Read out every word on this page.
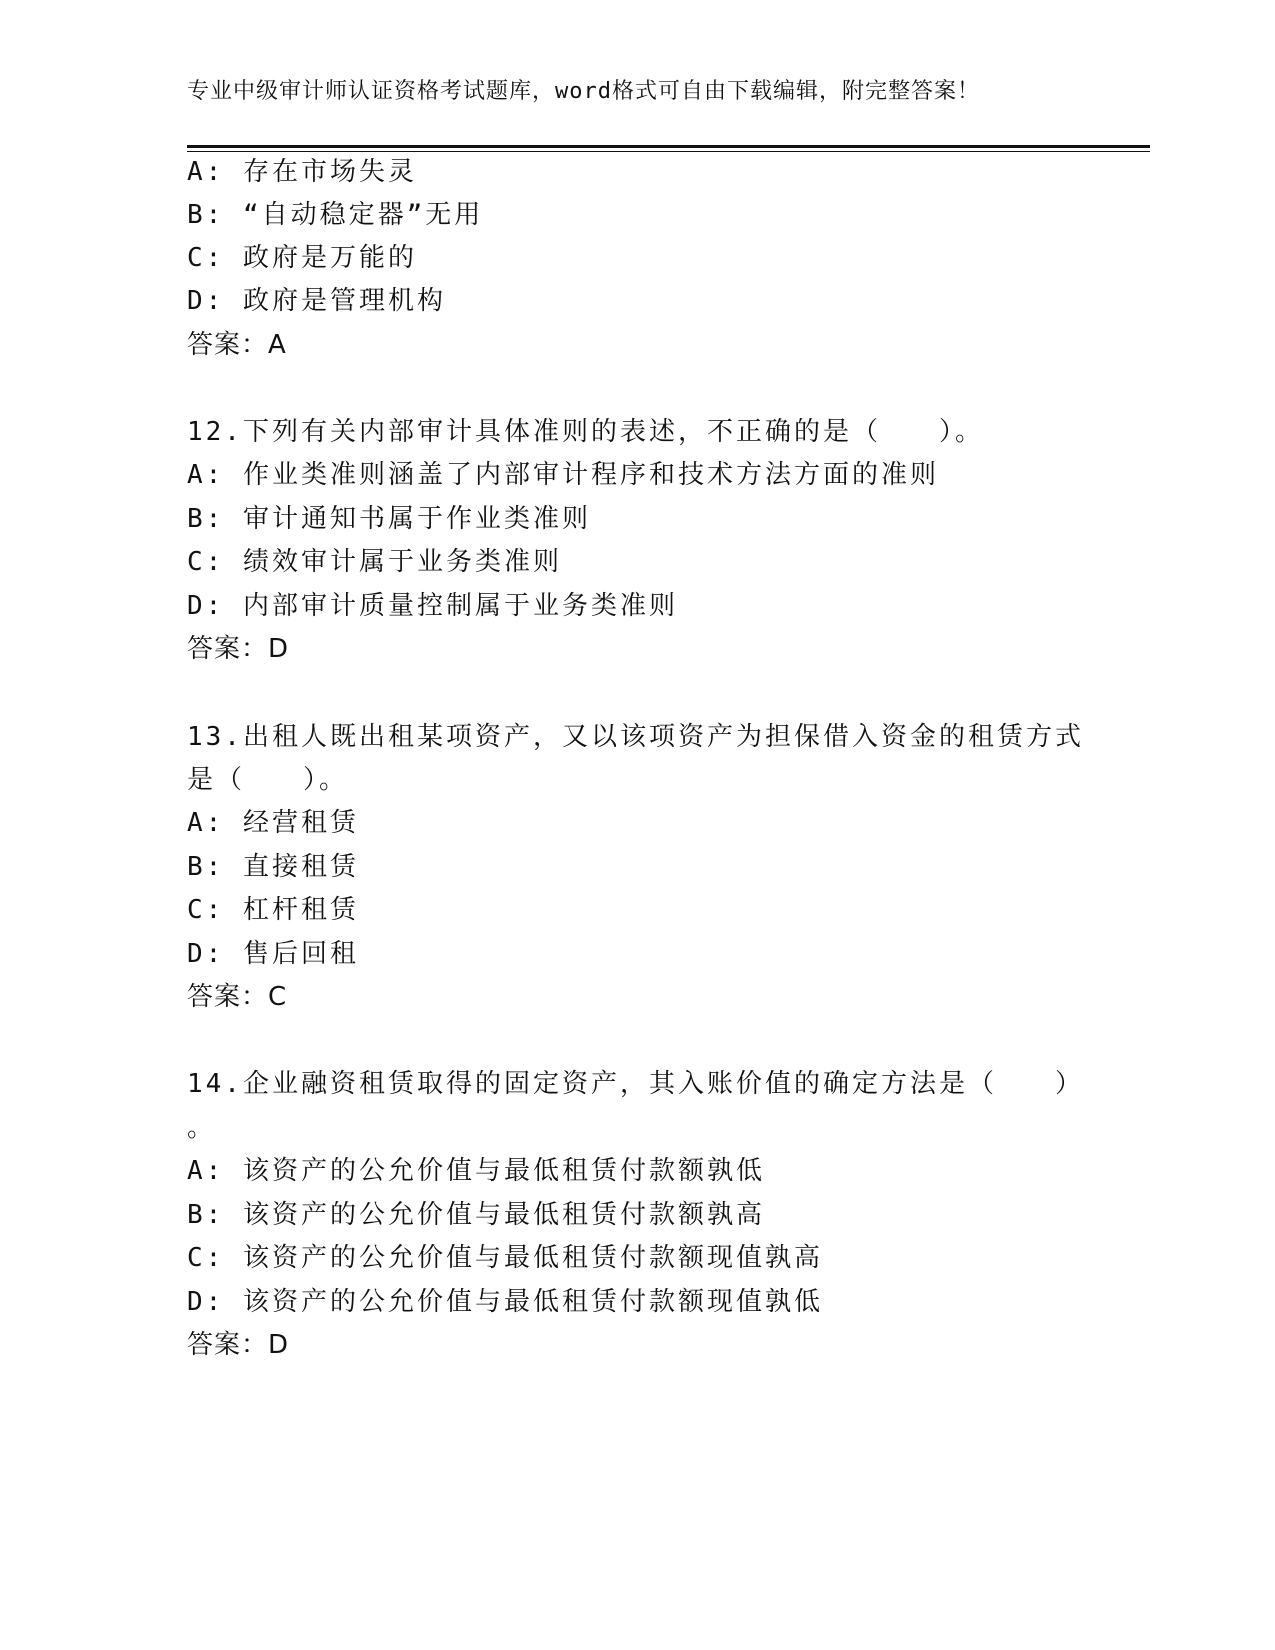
专业中级审计师认证资格考试题库，word格式可自由下载编辑，附完整答案！
A: 存在市场失灵
B: “自动稳定器”无用
C: 政府是万能的
D: 政府是管理机构
答案：A
12.下列有关内部审计具体准则的表述，不正确的是（　　）。
A: 作业类准则涵盖了内部审计程序和技术方法方面的准则
B: 审计通知书属于作业类准则
C: 绩效审计属于业务类准则
D: 内部审计质量控制属于业务类准则
答案：D
13.出租人既出租某项资产，又以该项资产为担保借入资金的租赁方式
是（　　）。
A: 经营租赁
B: 直接租赁
C: 杠杆租赁
D: 售后回租
答案：C
14.企业融资租赁取得的固定资产，其入账价值的确定方法是（　　）
。
A: 该资产的公允价值与最低租赁付款额孰低
B: 该资产的公允价值与最低租赁付款额孰高
C: 该资产的公允价值与最低租赁付款额现值孰高
D: 该资产的公允价值与最低租赁付款额现值孰低
答案：D
